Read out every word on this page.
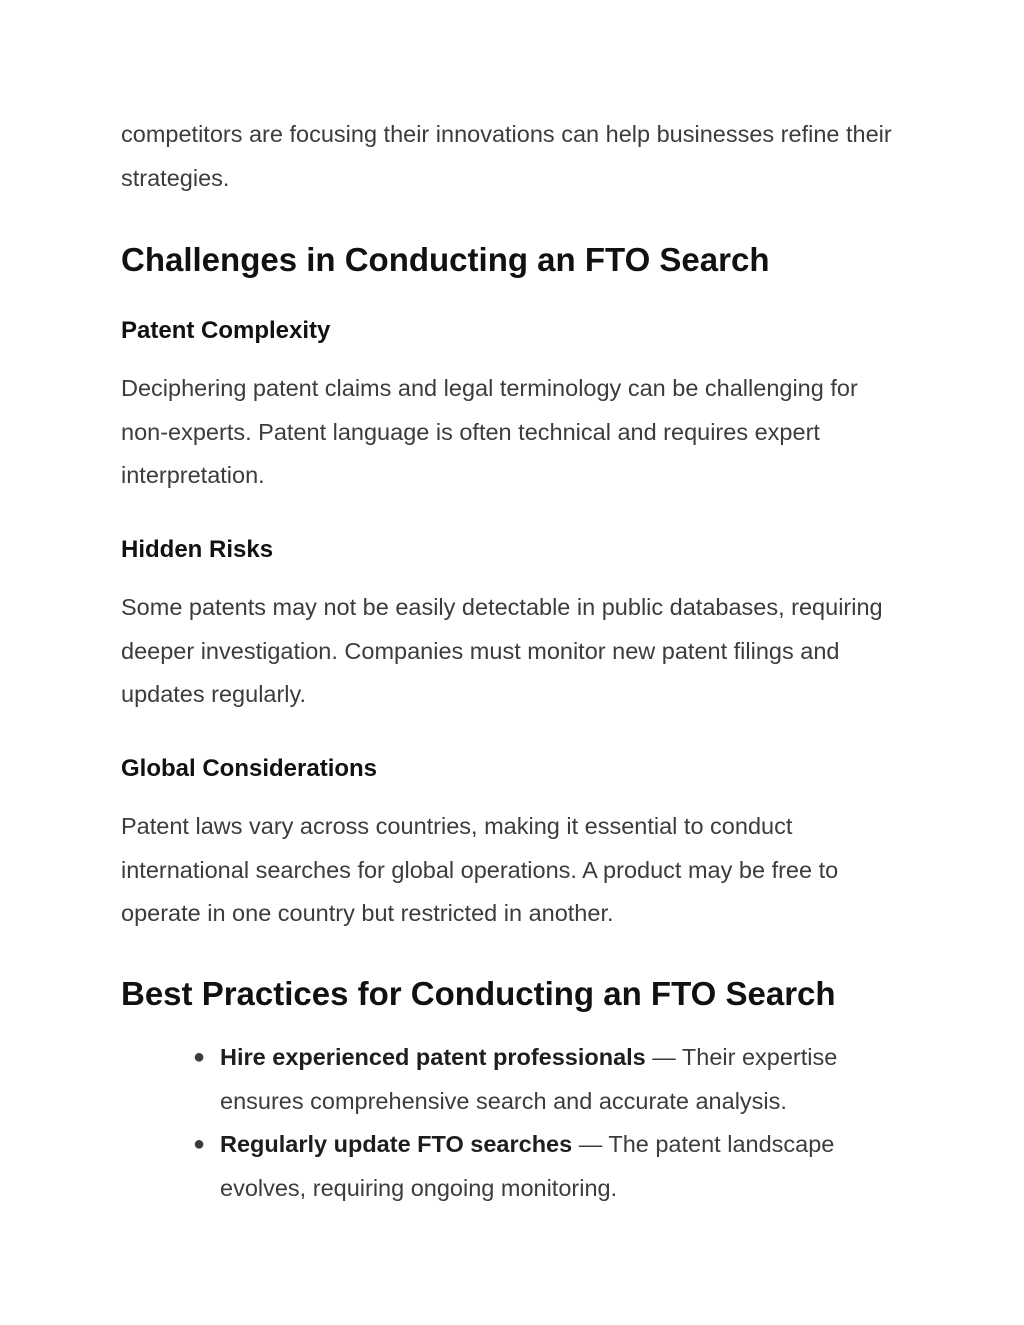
competitors are focusing their innovations can help businesses refine their strategies.

Challenges in Conducting an FTO Search
Patent Complexity

Deciphering patent claims and legal terminology can be challenging for non-experts. Patent language is often technical and requires expert interpretation.

Hidden Risks

Some patents may not be easily detectable in public databases, requiring deeper investigation. Companies must monitor new patent filings and updates regularly.

Global Considerations

Patent laws vary across countries, making it essential to conduct international searches for global operations. A product may be free to operate in one country but restricted in another.

Best Practices for Conducting an FTO Search
● Hire experienced patent professionals — Their expertise ensures comprehensive search and accurate analysis.
● Regularly update FTO searches — The patent landscape evolves, requiring ongoing monitoring.
